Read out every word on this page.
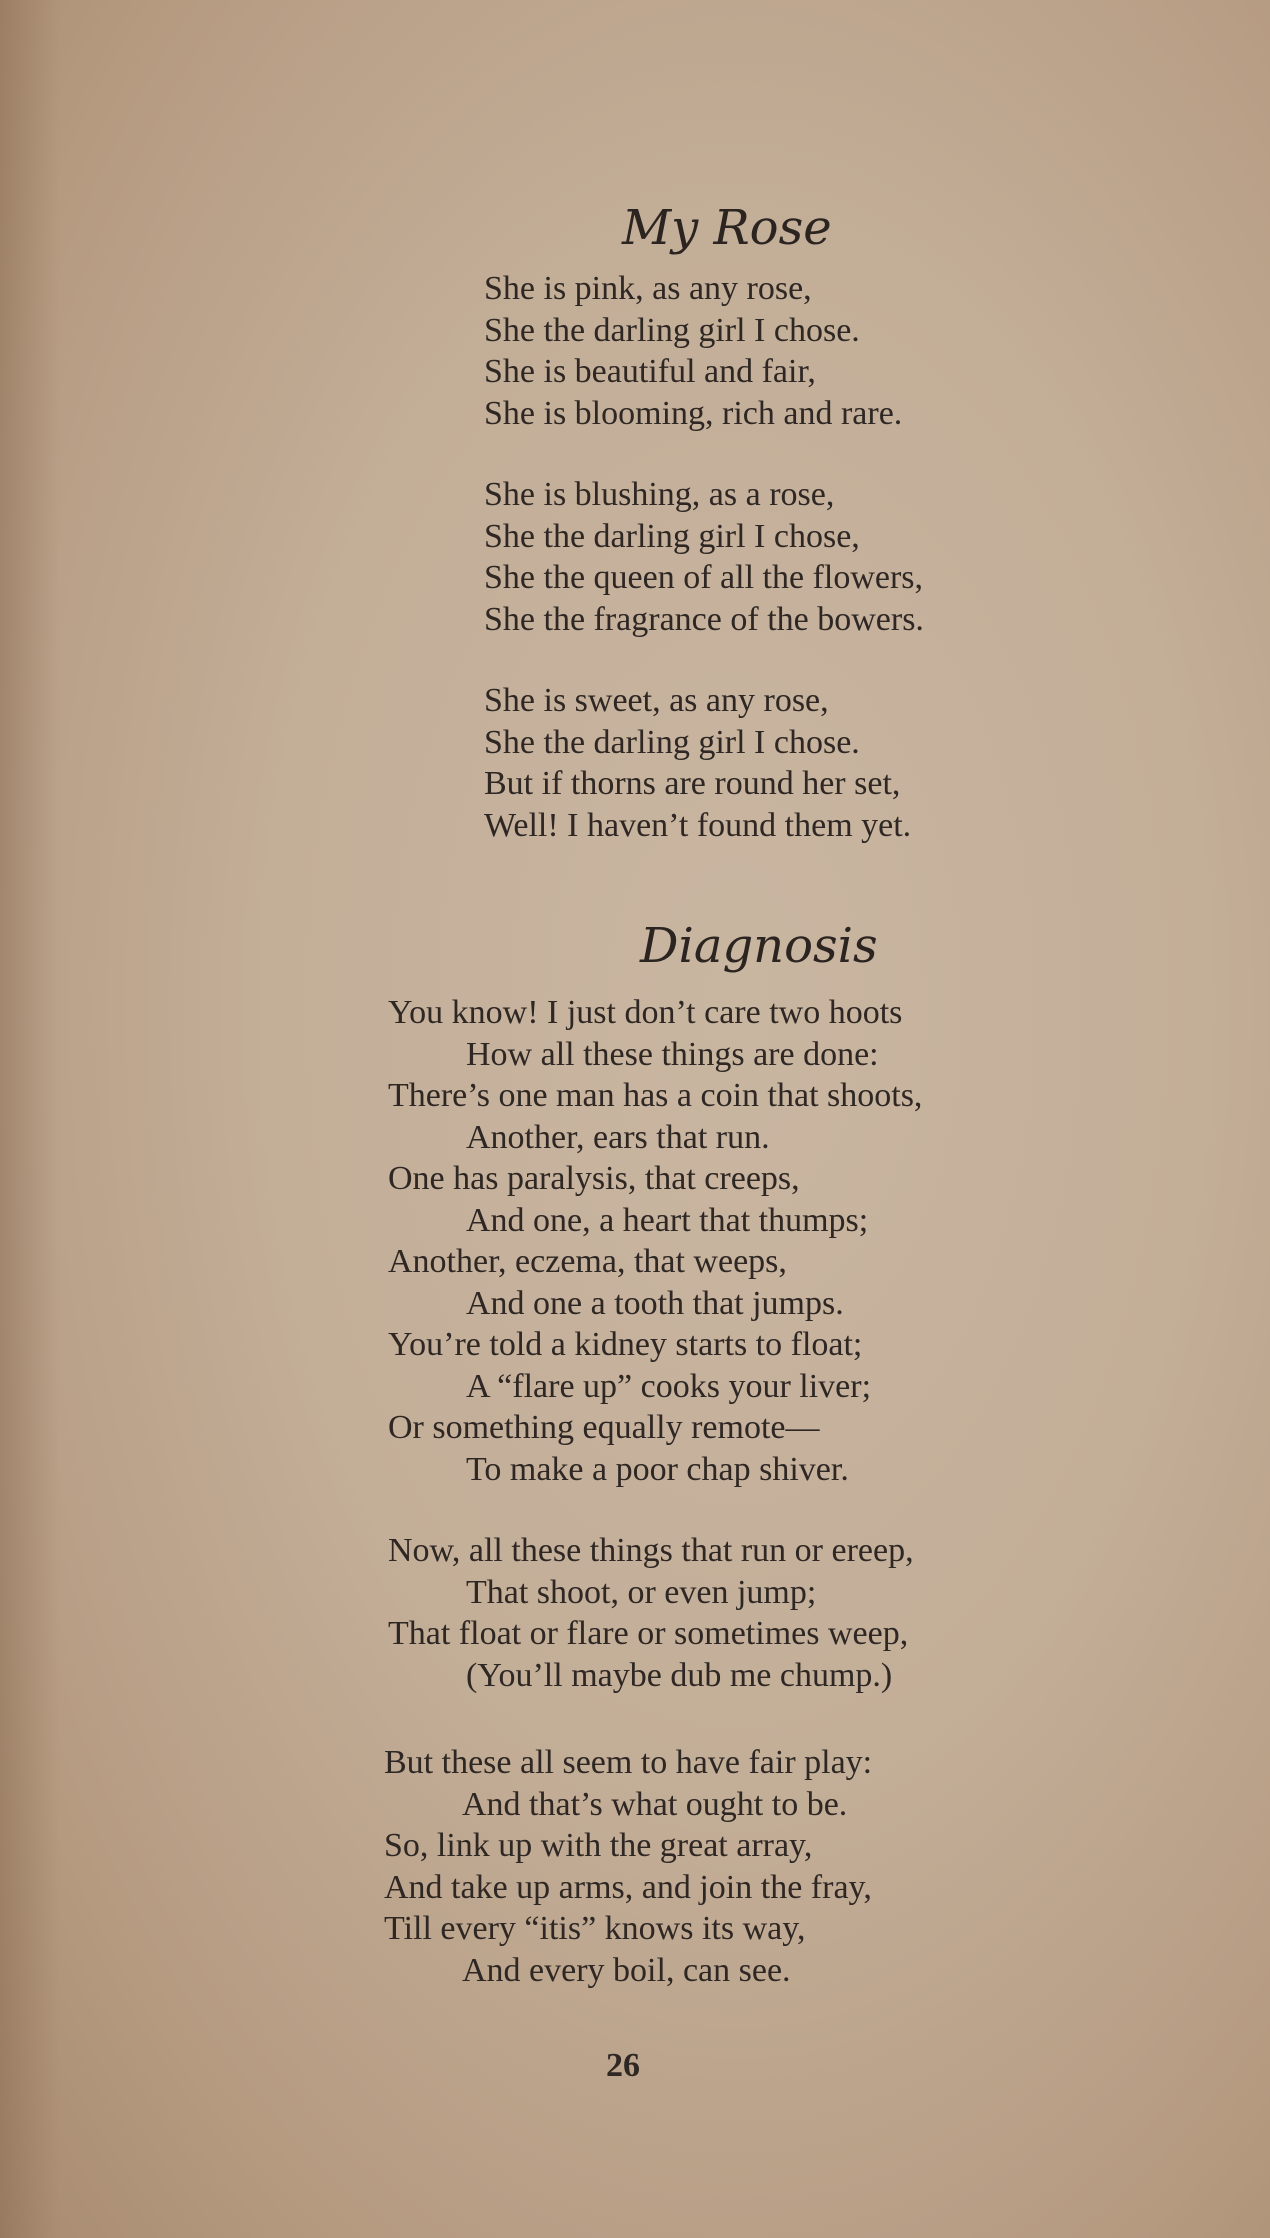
My Rose
She is pink, as any rose,
She the darling girl I chose.
She is beautiful and fair,
She is blooming, rich and rare.
She is blushing, as a rose,
She the darling girl I chose,
She the queen of all the flowers,
She the fragrance of the bowers.
She is sweet, as any rose,
She the darling girl I chose.
But if thorns are round her set,
Well! I haven’t found them yet.
Diagnosis
You know! I just don’t care two hoots
How all these things are done:
There’s one man has a coin that shoots,
Another, ears that run.
One has paralysis, that creeps,
And one, a heart that thumps;
Another, eczema, that weeps,
And one a tooth that jumps.
You’re told a kidney starts to float;
A “flare up” cooks your liver;
Or something equally remote—
To make a poor chap shiver.
Now, all these things that run or ereep,
That shoot, or even jump;
That float or flare or sometimes weep,
(You’ll maybe dub me chump.)
But these all seem to have fair play:
And that’s what ought to be.
So, link up with the great array,
And take up arms, and join the fray,
Till every “itis” knows its way,
And every boil, can see.
26
